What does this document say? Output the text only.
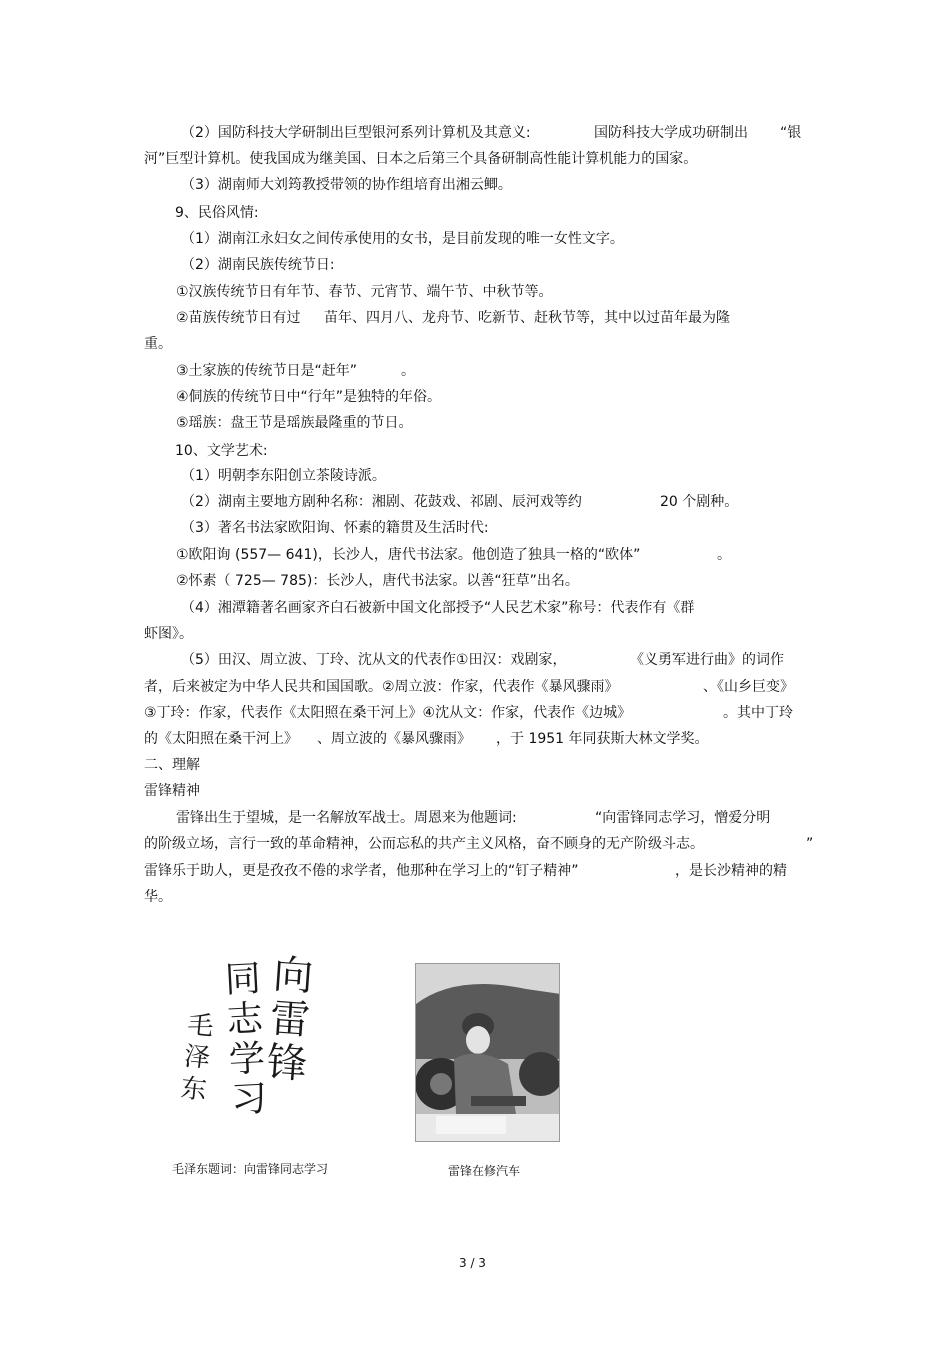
（2）国防科技大学研制出巨型银河系列计算机及其意义:	国防科技大学成功研制出 “银
河”巨型计算机。使我国成为继美国、日本之后第三个具备研制高性能计算机能力的国家。
（3）湖南师大刘筠教授带领的协作组培育出湘云鲫。
9、民俗风情:
（1）湖南江永妇女之间传承使用的女书，是目前发现的唯一女性文字。
（2）湖南民族传统节日:
①汉族传统节日有年节、春节、元宵节、端午节、中秋节等。
②苗族传统节日有过 苗年、四月八、龙舟节、吃新节、赶秋节等，其中以过苗年最为隆
重。
③土家族的传统节日是“赶年”	。
④侗族的传统节日中“行年”是独特的年俗。
⑤瑶族：盘王节是瑶族最隆重的节日。
10、文学艺术:
（1）明朝李东阳创立茶陵诗派。
（2）湖南主要地方剧种名称：湘剧、花鼓戏、祁剧、辰河戏等约	20 个剧种。
（3）著名书法家欧阳询、怀素的籍贯及生活时代:
①欧阳询 (557— 641)，长沙人，唐代书法家。他创造了独具一格的“欧体”	。
②怀素（ 725— 785)：长沙人，唐代书法家。以善“狂草”出名。
（4）湘潭籍著名画家齐白石被新中国文化部授予“人民艺术家”称号：代表作有《群
虾图》。
（5）田汉、周立波、丁玲、沈从文的代表作①田汉：戏剧家，	《义勇军进行曲》的词作
者，后来被定为中华人民共和国国歌。②周立波：作家，代表作《暴风骤雨》	、《山乡巨变》
③丁玲：作家，代表作《太阳照在桑干河上》④沈从文：作家，代表作《边城》	。其中丁玲
的《太阳照在桑干河上》 、周立波的《暴风骤雨》 ，于 1951 年同获斯大林文学奖。
二、理解
雷锋精神
雷锋出生于望城，是一名解放军战士。周恩来为他题词:	“向雷锋同志学习，憎爱分明
的阶级立场，言行一致的革命精神，公而忘私的共产主义风格，奋不顾身的无产阶级斗志。	”
雷锋乐于助人，更是孜孜不倦的求学者，他那种在学习上的“钉子精神”	，是长沙精神的精
华。
向雷锋
同志学习
毛泽东
毛泽东题词：向雷锋同志学习	雷锋在修汽车
3 / 3
